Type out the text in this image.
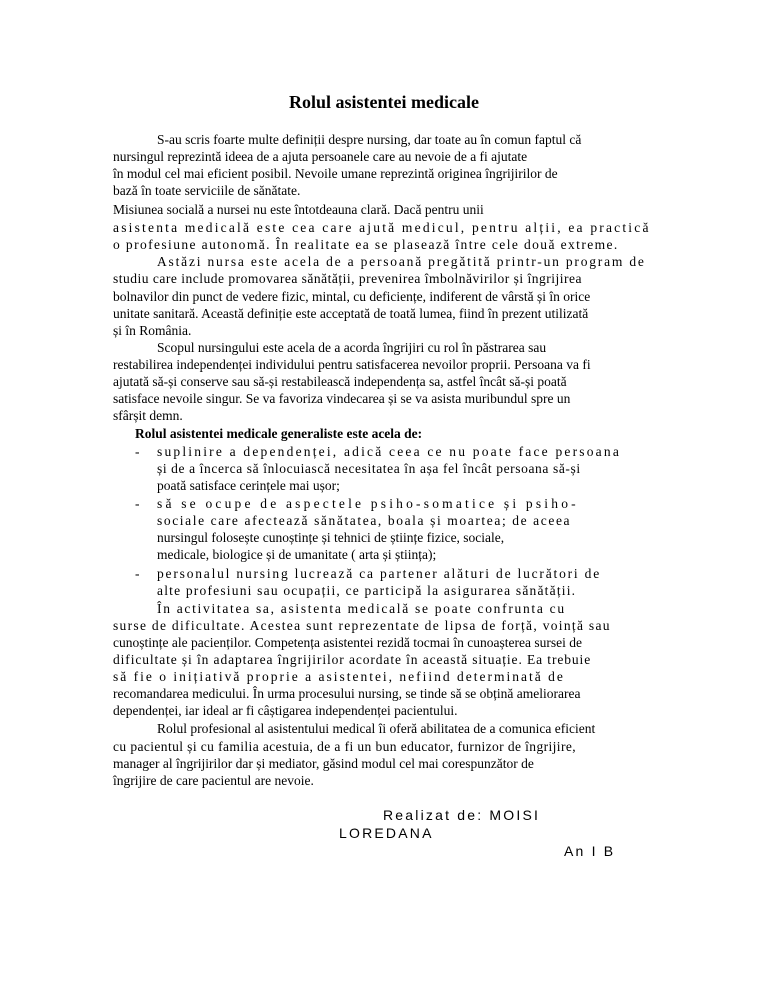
Rolul asistentei medicale
S-au scris foarte multe definiții despre nursing, dar toate au în comun faptul că
nursingul reprezintă ideea de a ajuta persoanele care au nevoie de a fi ajutate
în modul cel mai eficient posibil. Nevoile umane reprezintă originea îngrijirilor de
bază în toate serviciile de sănătate.
Misiunea socială a nursei nu este întotdeauna clară. Dacă pentru unii
asistenta medicală este cea care ajută medicul, pentru alții, ea practică
o profesiune autonomă. În realitate ea se plasează între cele două extreme.
Astăzi nursa este acela de a persoană pregătită printr-un program de
studiu care include promovarea sănătății, prevenirea îmbolnăvirilor și îngrijirea
bolnavilor din punct de vedere fizic, mintal, cu deficiențe, indiferent de vârstă și în orice
unitate sanitară. Această definiție este acceptată de toată lumea, fiind în prezent utilizată
și în România.
Scopul nursingului este acela de a acorda îngrijiri cu rol în păstrarea sau
restabilirea independenței individului pentru satisfacerea nevoilor proprii. Persoana va fi
ajutată să-și conserve sau să-și restabilească independența sa, astfel încât să-și poată
satisface nevoile singur. Se va favoriza vindecarea și se va asista muribundul spre un
sfârșit demn.
Rolul asistentei medicale generaliste este acela de:
- suplinire a dependenței, adică ceea ce nu poate face persoana
și de a încerca să înlocuiască necesitatea în așa fel încât persoana să-și
poată satisface cerințele mai ușor;
- să se ocupe de aspectele psiho-somatice și psiho-
sociale care afectează sănătatea, boala și moartea; de aceea
nursingul folosește cunoștințe și tehnici de științe fizice, sociale,
medicale, biologice și de umanitate ( arta și știința);
- personalul nursing lucrează ca partener alături de lucrători de
alte profesiuni sau ocupații, ce participă la asigurarea sănătății.
În activitatea sa, asistenta medicală se poate confrunta cu
surse de dificultate. Acestea sunt reprezentate de lipsa de forță, voință sau
cunoștințe ale pacienților. Competența asistentei rezidă tocmai în cunoașterea sursei de
dificultate și în adaptarea îngrijirilor acordate în această situație. Ea trebuie
să fie o inițiativă proprie a asistentei, nefiind determinată de
recomandarea medicului. În urma procesului nursing, se tinde să se obțină ameliorarea
dependenței, iar ideal ar fi câștigarea independenței pacientului.
Rolul profesional al asistentului medical îi oferă abilitatea de a comunica eficient
cu pacientul și cu familia acestuia, de a fi un bun educator, furnizor de îngrijire,
manager al îngrijirilor dar și mediator, găsind modul cel mai corespunzător de
îngrijire de care pacientul are nevoie.
Realizat de: MOISI
LOREDANA
An I B
